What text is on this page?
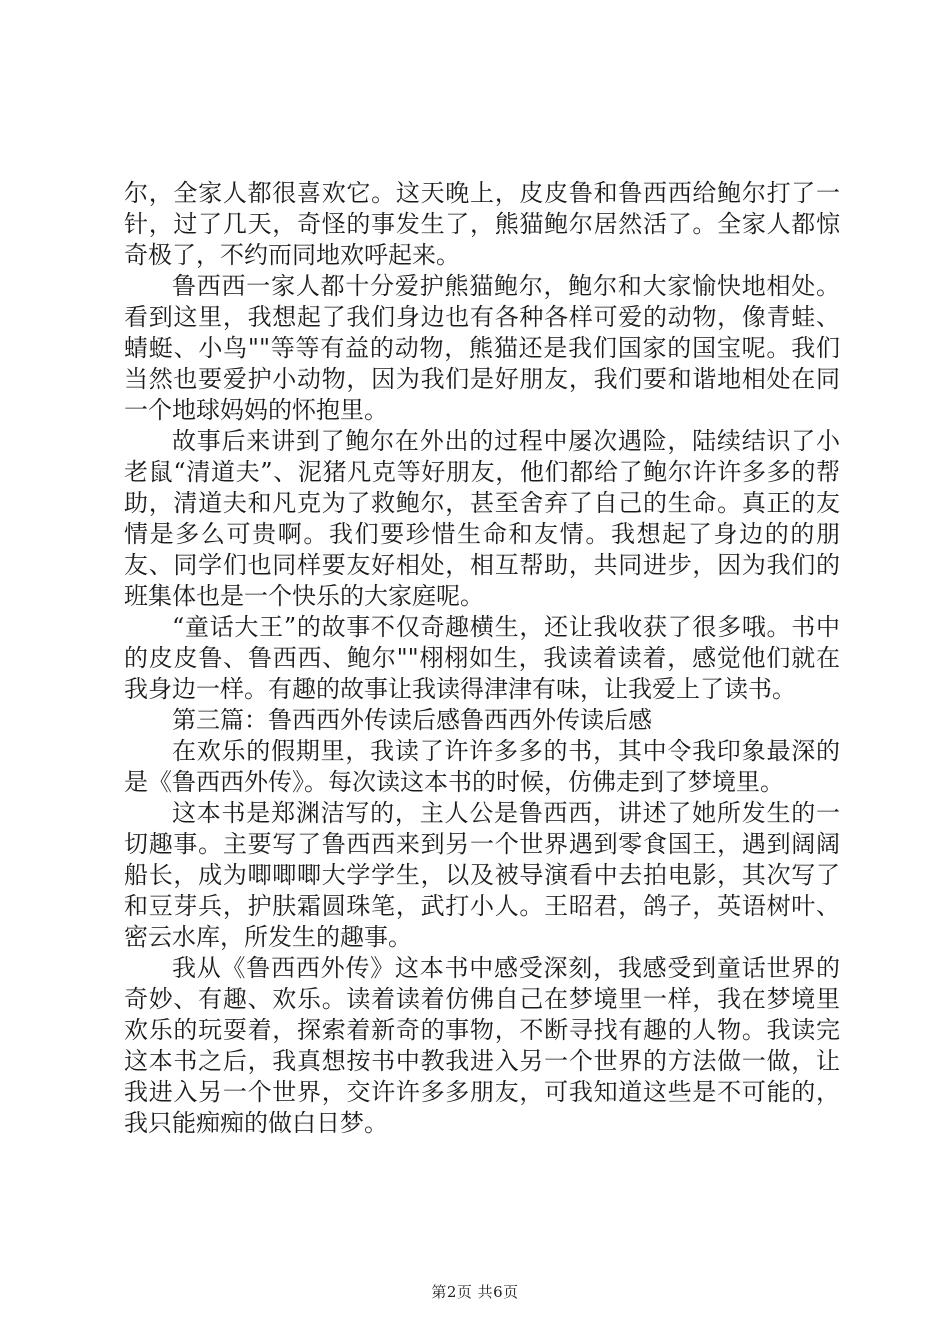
尔，全家人都很喜欢它。这天晚上，皮皮鲁和鲁西西给鲍尔打了一针，过了几天，奇怪的事发生了，熊猫鲍尔居然活了。全家人都惊奇极了，不约而同地欢呼起来。

鲁西西一家人都十分爱护熊猫鲍尔，鲍尔和大家愉快地相处。看到这里，我想起了我们身边也有各种各样可爱的动物，像青蛙、蜻蜓、小鸟""等等有益的动物，熊猫还是我们国家的国宝呢。我们当然也要爱护小动物，因为我们是好朋友，我们要和谐地相处在同一个地球妈妈的怀抱里。

故事后来讲到了鲍尔在外出的过程中屡次遇险，陆续结识了小老鼠“清道夫”、泥猪凡克等好朋友，他们都给了鲍尔许许多多的帮助，清道夫和凡克为了救鲍尔，甚至舍弃了自己的生命。真正的友情是多么可贵啊。我们要珍惜生命和友情。我想起了身边的的朋友、同学们也同样要友好相处，相互帮助，共同进步，因为我们的班集体也是一个快乐的大家庭呢。

“童话大王”的故事不仅奇趣横生，还让我收获了很多哦。书中的皮皮鲁、鲁西西、鲍尔""栩栩如生，我读着读着，感觉他们就在我身边一样。有趣的故事让我读得津津有味，让我爱上了读书。

第三篇：鲁西西外传读后感鲁西西外传读后感

在欢乐的假期里，我读了许许多多的书，其中令我印象最深的是《鲁西西外传》。每次读这本书的时候，仿佛走到了梦境里。

这本书是郑渊洁写的，主人公是鲁西西，讲述了她所发生的一切趣事。主要写了鲁西西来到另一个世界遇到零食国王，遇到阔阔船长，成为唧唧唧大学学生，以及被导演看中去拍电影，其次写了和豆芽兵，护肤霜圆珠笔，武打小人。王昭君，鸽子，英语树叶、密云水库，所发生的趣事。

我从《鲁西西外传》这本书中感受深刻，我感受到童话世界的奇妙、有趣、欢乐。读着读着仿佛自己在梦境里一样，我在梦境里欢乐的玩耍着，探索着新奇的事物，不断寻找有趣的人物。我读完这本书之后，我真想按书中教我进入另一个世界的方法做一做，让我进入另一个世界，交许许多多朋友，可我知道这些是不可能的，我只能痴痴的做白日梦。

第2页 共6页
